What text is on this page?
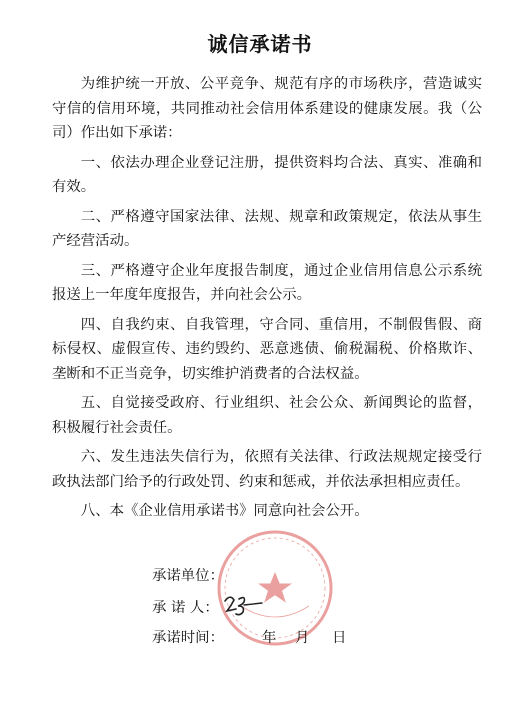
诚信承诺书

为维护统一开放、公平竞争、规范有序的市场秩序，营造诚实守信的信用环境，共同推动社会信用体系建设的健康发展。我（公司）作出如下承诺：

一、依法办理企业登记注册，提供资料均合法、真实、准确和有效。

二、严格遵守国家法律、法规、规章和政策规定，依法从事生产经营活动。

三、严格遵守企业年度报告制度，通过企业信用信息公示系统报送上一年度年度报告，并向社会公示。

四、自我约束、自我管理，守合同、重信用，不制假售假、商标侵权、虚假宣传、违约毁约、恶意逃债、偷税漏税、价格欺诈、垄断和不正当竞争，切实维护消费者的合法权益。

五、自觉接受政府、行业组织、社会公众、新闻舆论的监督，积极履行社会责任。

六、发生违法失信行为，依照有关法律、行政法规规定接受行政执法部门给予的行政处罚、约束和惩戒，并依法承担相应责任。

八、本《企业信用承诺书》同意向社会公开。

承诺单位：
承 诺 人：
承诺时间：	年 月 日
